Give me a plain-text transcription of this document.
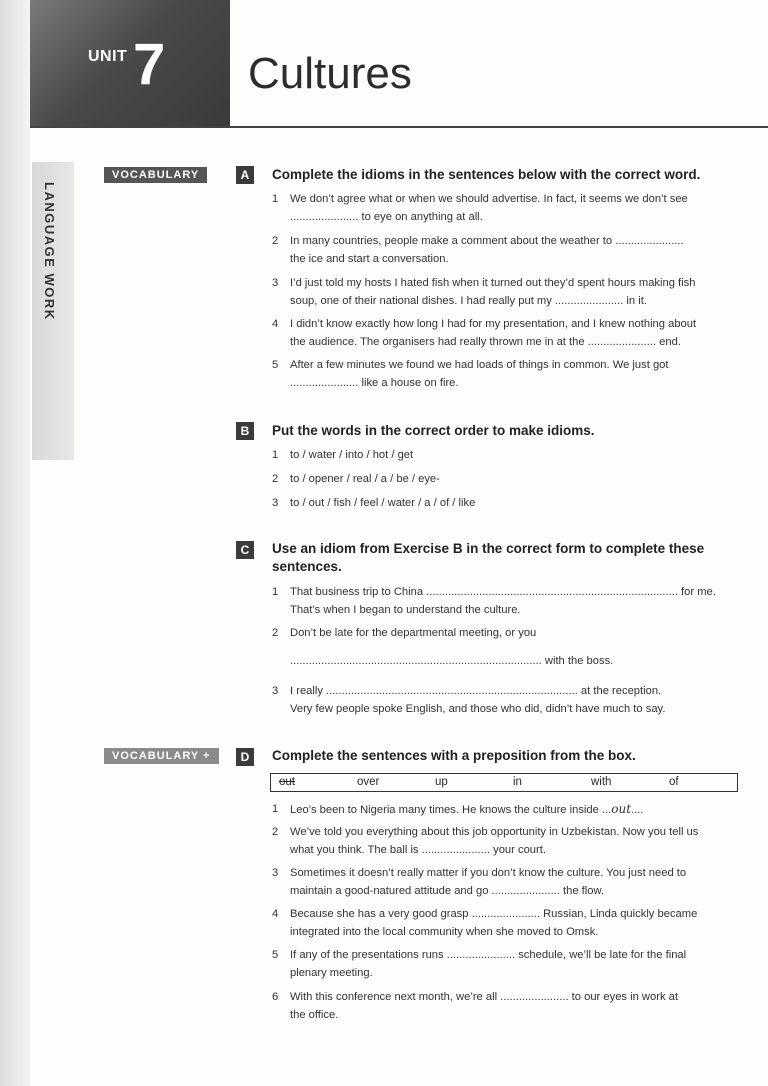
UNIT 7 Cultures
LANGUAGE WORK
VOCABULARY	A	Complete the idioms in the sentences below with the correct word.
1	We don’t agree what or when we should advertise. In fact, it seems we don’t see
...................... to eye on anything at all.
2	In many countries, people make a comment about the weather to ......................
the ice and start a conversation.
3	I’d just told my hosts I hated fish when it turned out they’d spent hours making fish
soup, one of their national dishes. I had really put my ...................... in it.
4	I didn’t know exactly how long I had for my presentation, and I knew nothing about
the audience. The organisers had really thrown me in at the ...................... end.
5	After a few minutes we found we had loads of things in common. We just got
...................... like a house on fire.
B	Put the words in the correct order to make idioms.
1	to / water / into / hot / get
2	to / opener / real / a / be / eye-
3	to / out / fish / feel / water / a / of / like
C	Use an idiom from Exercise B in the correct form to complete these
sentences.
1	That business trip to China ................................................................................. for me.
That’s when I began to understand the culture.
2	Don’t be late for the departmental meeting, or you
................................................................................. with the boss.
3	I really ................................................................................. at the reception.
Very few people spoke English, and those who did, didn’t have much to say.
VOCABULARY +	D	Complete the sentences with a preposition from the box.
out	over	up	in	with	of
1	Leo’s been to Nigeria many times. He knows the culture inside ...out....
2	We’ve told you everything about this job opportunity in Uzbekistan. Now you tell us
what you think. The ball is ...................... your court.
3	Sometimes it doesn’t really matter if you don’t know the culture. You just need to
maintain a good-natured attitude and go ...................... the flow.
4	Because she has a very good grasp ...................... Russian, Linda quickly became
integrated into the local community when she moved to Omsk.
5	If any of the presentations runs ...................... schedule, we’ll be late for the final
plenary meeting.
6	With this conference next month, we’re all ...................... to our eyes in work at
the office.
